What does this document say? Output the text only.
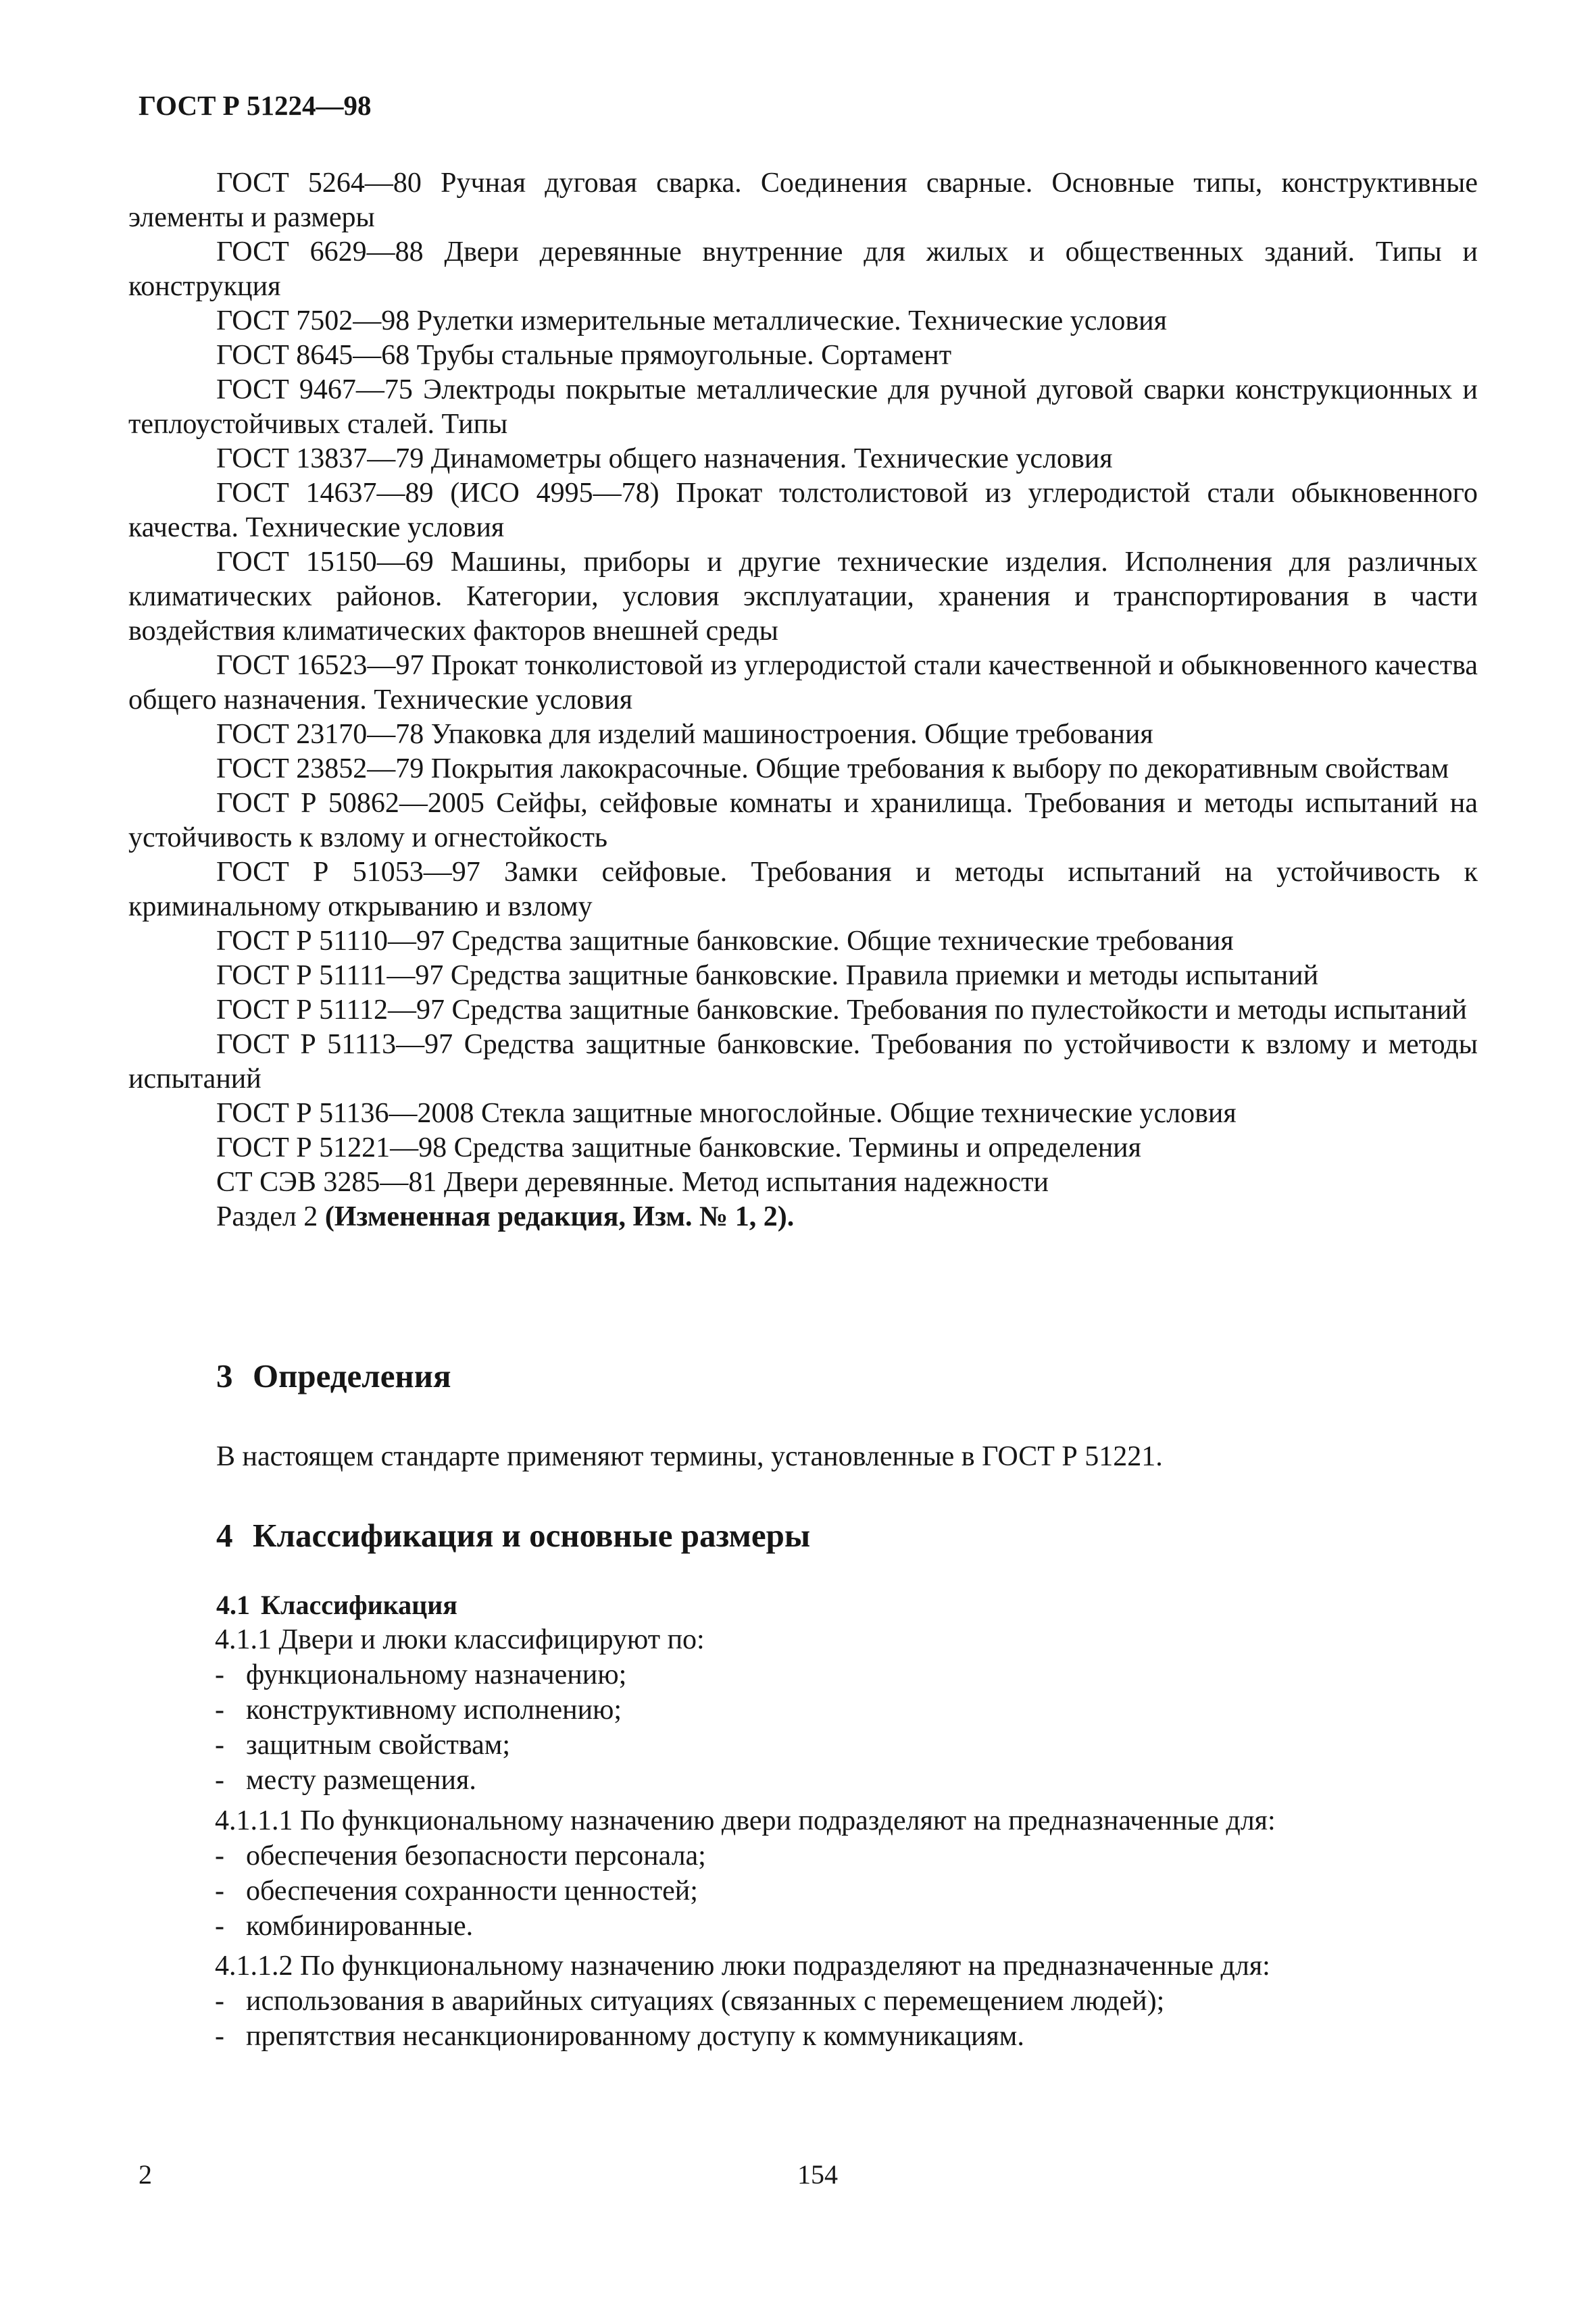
ГОСТ Р 51224—98
ГОСТ 5264—80 Ручная дуговая сварка. Соединения сварные. Основные типы, конструктивные элементы и размеры
ГОСТ 6629—88 Двери деревянные внутренние для жилых и общественных зданий. Типы и конструкция
ГОСТ 7502—98 Рулетки измерительные металлические. Технические условия
ГОСТ 8645—68 Трубы стальные прямоугольные. Сортамент
ГОСТ 9467—75 Электроды покрытые металлические для ручной дуговой сварки конструкционных и теплоустойчивых сталей. Типы
ГОСТ 13837—79 Динамометры общего назначения. Технические условия
ГОСТ 14637—89 (ИСО 4995—78) Прокат толстолистовой из углеродистой стали обыкновенного качества. Технические условия
ГОСТ 15150—69 Машины, приборы и другие технические изделия. Исполнения для различных климатических районов. Категории, условия эксплуатации, хранения и транспортирования в части воздействия климатических факторов внешней среды
ГОСТ 16523—97 Прокат тонколистовой из углеродистой стали качественной и обыкновенного качества общего назначения. Технические условия
ГОСТ 23170—78 Упаковка для изделий машиностроения. Общие требования
ГОСТ 23852—79 Покрытия лакокрасочные. Общие требования к выбору по декоративным свойствам
ГОСТ Р 50862—2005 Сейфы, сейфовые комнаты и хранилища. Требования и методы испытаний на устойчивость к взлому и огнестойкость
ГОСТ Р 51053—97 Замки сейфовые. Требования и методы испытаний на устойчивость к криминальному открыванию и взлому
ГОСТ Р 51110—97 Средства защитные банковские. Общие технические требования
ГОСТ Р 51111—97 Средства защитные банковские. Правила приемки и методы испытаний
ГОСТ Р 51112—97 Средства защитные банковские. Требования по пулестойкости и методы испытаний
ГОСТ Р 51113—97 Средства защитные банковские. Требования по устойчивости к взлому и методы испытаний
ГОСТ Р 51136—2008 Стекла защитные многослойные. Общие технические условия
ГОСТ Р 51221—98 Средства защитные банковские. Термины и определения
СТ СЭВ 3285—81 Двери деревянные. Метод испытания надежности
Раздел 2 (Измененная редакция, Изм. № 1, 2).
3 Определения
В настоящем стандарте применяют термины, установленные в ГОСТ Р 51221.
4 Классификация и основные размеры
4.1 Классификация
4.1.1 Двери и люки классифицируют по:
- функциональному назначению;
- конструктивному исполнению;
- защитным свойствам;
- месту размещения.
4.1.1.1 По функциональному назначению двери подразделяют на предназначенные для:
- обеспечения безопасности персонала;
- обеспечения сохранности ценностей;
- комбинированные.
4.1.1.2 По функциональному назначению люки подразделяют на предназначенные для:
- использования в аварийных ситуациях (связанных с перемещением людей);
- препятствия несанкционированному доступу к коммуникациям.
2	154
